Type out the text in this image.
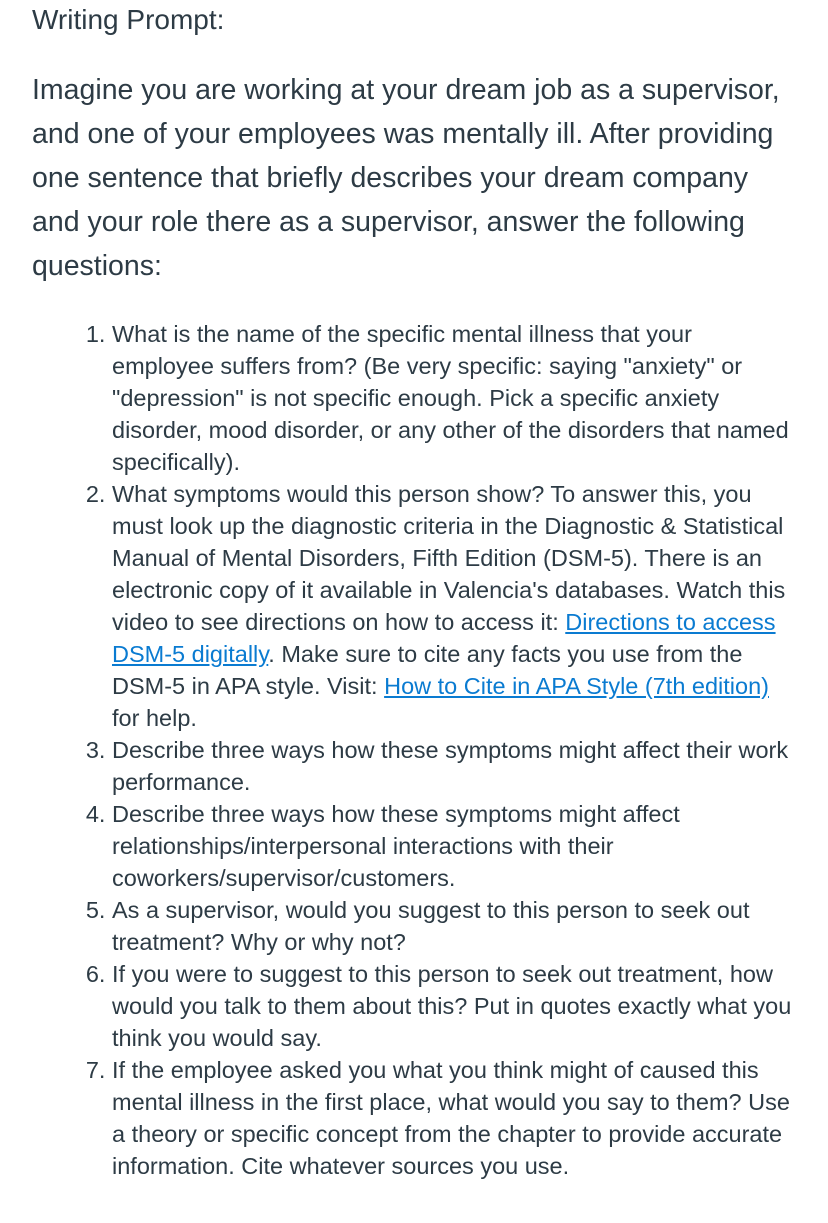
Writing Prompt:

Imagine you are working at your dream job as a supervisor, and one of your employees was mentally ill. After providing one sentence that briefly describes your dream company and your role there as a supervisor, answer the following questions:

1. What is the name of the specific mental illness that your employee suffers from? (Be very specific: saying "anxiety" or "depression" is not specific enough. Pick a specific anxiety disorder, mood disorder, or any other of the disorders that named specifically).
2. What symptoms would this person show? To answer this, you must look up the diagnostic criteria in the Diagnostic & Statistical Manual of Mental Disorders, Fifth Edition (DSM-5). There is an electronic copy of it available in Valencia's databases. Watch this video to see directions on how to access it: Directions to access DSM-5 digitally. Make sure to cite any facts you use from the DSM-5 in APA style. Visit: How to Cite in APA Style (7th edition) for help.
3. Describe three ways how these symptoms might affect their work performance.
4. Describe three ways how these symptoms might affect relationships/interpersonal interactions with their coworkers/supervisor/customers.
5. As a supervisor, would you suggest to this person to seek out treatment? Why or why not?
6. If you were to suggest to this person to seek out treatment, how would you talk to them about this? Put in quotes exactly what you think you would say.
7. If the employee asked you what you think might of caused this mental illness in the first place, what would you say to them? Use a theory or specific concept from the chapter to provide accurate information. Cite whatever sources you use.
